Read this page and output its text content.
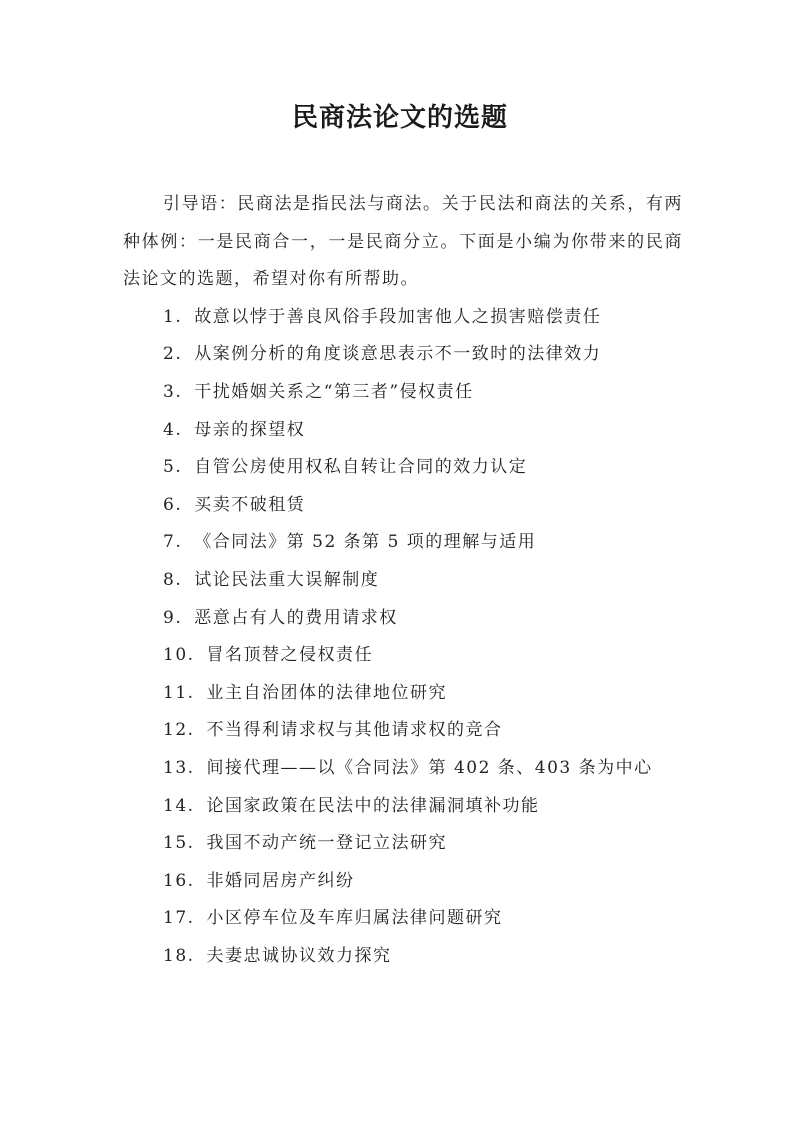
民商法论文的选题

引导语：民商法是指民法与商法。关于民法和商法的关系，有两种体例：一是民商合一，一是民商分立。下面是小编为你带来的民商法论文的选题，希望对你有所帮助。

1. 故意以悖于善良风俗手段加害他人之损害赔偿责任
2. 从案例分析的角度谈意思表示不一致时的法律效力
3. 干扰婚姻关系之“第三者”侵权责任
4. 母亲的探望权
5. 自管公房使用权私自转让合同的效力认定
6. 买卖不破租赁
7. 《合同法》第 52 条第 5 项的理解与适用
8. 试论民法重大误解制度
9. 恶意占有人的费用请求权
10. 冒名顶替之侵权责任
11. 业主自治团体的法律地位研究
12. 不当得利请求权与其他请求权的竞合
13. 间接代理——以《合同法》第 402 条、403 条为中心
14. 论国家政策在民法中的法律漏洞填补功能
15. 我国不动产统一登记立法研究
16. 非婚同居房产纠纷
17. 小区停车位及车库归属法律问题研究
18. 夫妻忠诚协议效力探究
